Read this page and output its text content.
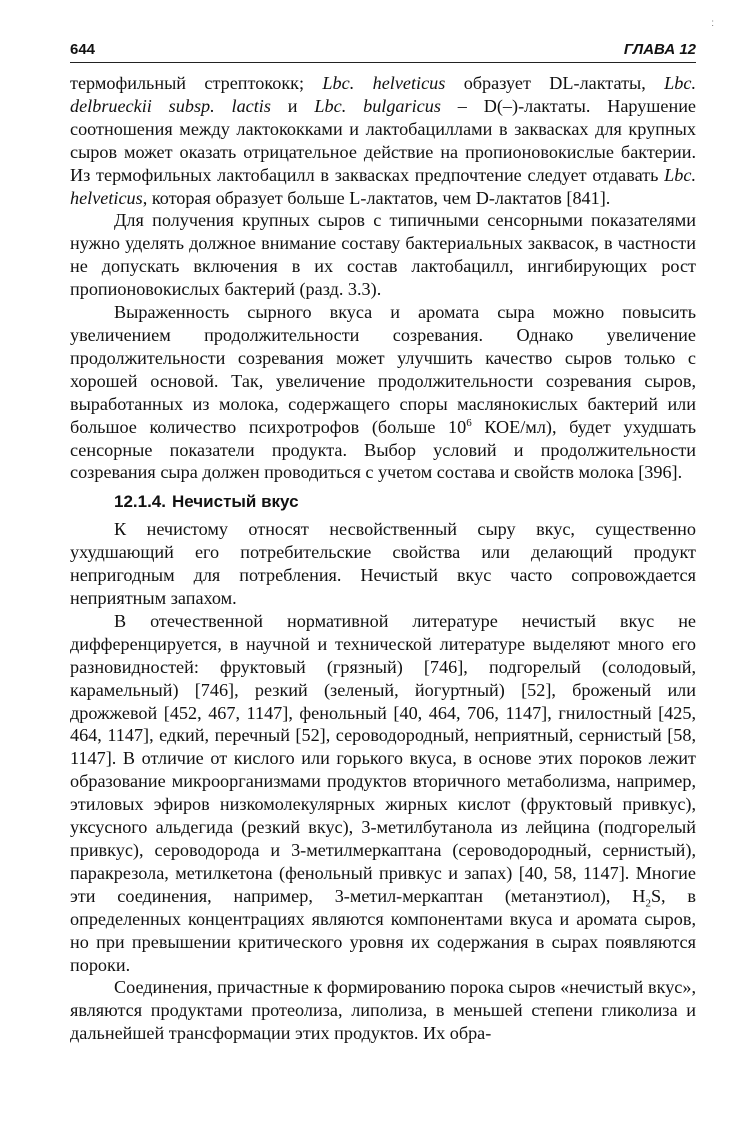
:
644	ГЛАВА 12

термофильный стрептококк; Lbc. helveticus образует DL-лактаты, Lbc. delbrueckii subsp. lactis и Lbc. bulgaricus – D(–)-лактаты. Нарушение соотношения между лактококками и лактобациллами в заквасках для крупных сыров может оказать отрицательное действие на пропионовокислые бактерии. Из термофильных лактобацилл в заквасках предпочтение следует отдавать Lbc. helveticus, которая образует больше L-лактатов, чем D-лактатов [841].

Для получения крупных сыров с типичными сенсорными показателями нужно уделять должное внимание составу бактериальных заквасок, в частности не допускать включения в их состав лактобацилл, ингибирующих рост пропионовокислых бактерий (разд. 3.3).

Выраженность сырного вкуса и аромата сыра можно повысить увеличением продолжительности созревания. Однако увеличение продолжительности созревания может улучшить качество сыров только с хорошей основой. Так, увеличение продолжительности созревания сыров, выработанных из молока, содержащего споры маслянокислых бактерий или большое количество психротрофов (больше $10^6$ КОЕ/мл), будет ухудшать сенсорные показатели продукта. Выбор условий и продолжительности созревания сыра должен проводиться с учетом состава и свойств молока [396].

12.1.4. Нечистый вкус

К нечистому относят несвойственный сыру вкус, существенно ухудшающий его потребительские свойства или делающий продукт непригодным для потребления. Нечистый вкус часто сопровождается неприятным запахом.

В отечественной нормативной литературе нечистый вкус не дифференцируется, в научной и технической литературе выделяют много его разновидностей: фруктовый (грязный) [746], подгорелый (солодовый, карамельный) [746], резкий (зеленый, йогуртный) [52], броженый или дрожжевой [452, 467, 1147], фенольный [40, 464, 706, 1147], гнилостный [425, 464, 1147], едкий, перечный [52], сероводородный, неприятный, сернистый [58, 1147]. В отличие от кислого или горького вкуса, в основе этих пороков лежит образование микроорганизмами продуктов вторичного метаболизма, например, этиловых эфиров низкомолекулярных жирных кислот (фруктовый привкус), уксусного альдегида (резкий вкус), 3-метилбутанола из лейцина (подгорелый привкус), сероводорода и 3-метилмеркаптана (сероводородный, сернистый), паракрезола, метилкетона (фенольный привкус и запах) [40, 58, 1147]. Многие эти соединения, например, 3-метил-меркаптан (метанэтиол), $H_2S$, в определенных концентрациях являются компонентами вкуса и аромата сыров, но при превышении критического уровня их содержания в сырах появляются пороки.

Соединения, причастные к формированию порока сыров «нечистый вкус», являются продуктами протеолиза, липолиза, в меньшей степени гликолиза и дальнейшей трансформации этих продуктов. Их обра-
